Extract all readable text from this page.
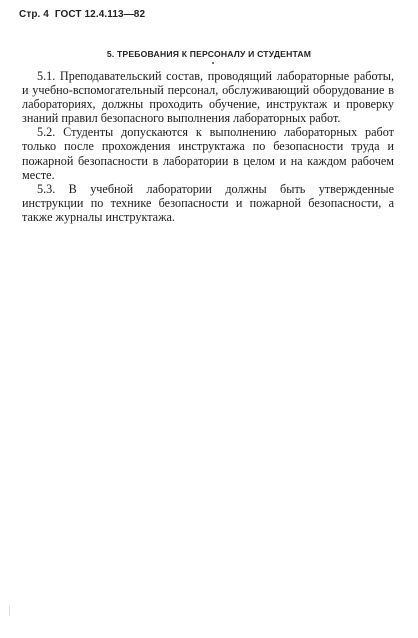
Стр. 4 ГОСТ 12.4.113—82
5. ТРЕБОВАНИЯ К ПЕРСОНАЛУ И СТУДЕНТАМ

5.1. Преподавательский состав, проводящий лабораторные работы, и учебно-вспомогательный персонал, обслуживающий оборудование в лабораториях, должны проходить обучение, инструктаж и проверку знаний правил безопасного выполнения лабораторных работ.

5.2. Студенты допускаются к выполнению лабораторных работ только после прохождения инструктажа по безопасности труда и пожарной безопасности в лаборатории в целом и на каждом рабочем месте.

5.3. В учебной лаборатории должны быть утвержденные инструкции по технике безопасности и пожарной безопасности, а также журналы инструктажа.
